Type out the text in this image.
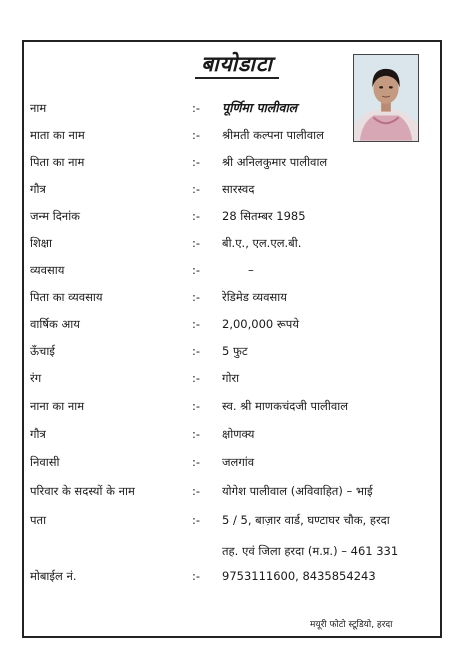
बायोडाटा
नाम	:- पूर्णिमा पालीवाल
माता का नाम	:- श्रीमती कल्पना पालीवाल
पिता का नाम	:- श्री अनिलकुमार पालीवाल
गौत्र	:- सारस्वद
जन्म दिनांक	:- 28 सितम्बर 1985
शिक्षा	:- बी.ए., एल.एल.बी.
व्यवसाय	:-	–
पिता का व्यवसाय	:- रेडिमेड व्यवसाय
वार्षिक आय	:- 2,00,000 रूपये
ऊँचाई	:- 5 फुट
रंग	:- गोरा
नाना का नाम	:- स्व. श्री माणकचंदजी पालीवाल
गौत्र	:- क्षोणक्य
निवासी	:- जलगांव
परिवार के सदस्यों के नाम	:- योगेश पालीवाल (अविवाहित) – भाई
पता	:- 5 / 5, बाज़ार वार्ड, घण्टाघर चौक, हरदा
तह. एवं जिला हरदा (म.प्र.) – 461 331
मोबाईल नं.	:- 9753111600, 8435854243
मयूरी फोटो स्टूडियो, हरदा
